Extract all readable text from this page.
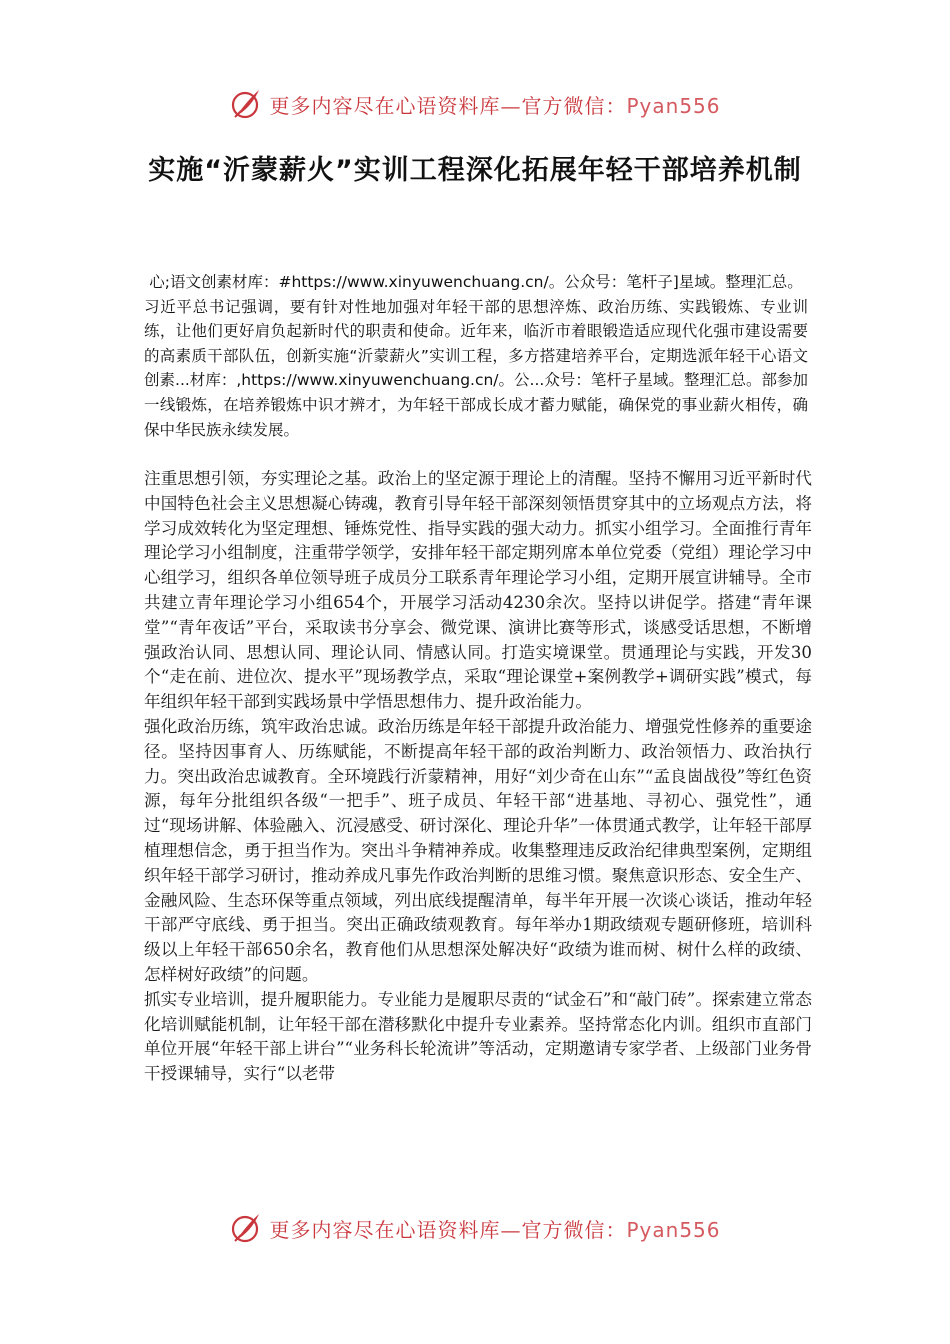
更多内容尽在心语资料库—官方微信：Pyan556
实施“沂蒙薪火”实训工程深化拓展年轻干部培养机制

心;语文创素材库：#https://www.xinyuwenchuang.cn/。公众号：笔杆子]星域。整理汇总。

习近平总书记强调，要有针对性地加强对年轻干部的思想淬炼、政治历练、实践锻炼、专业训练，让他们更好肩负起新时代的职责和使命。近年来，临沂市着眼锻造适应现代化强市建设需要的高素质干部队伍，创新实施“沂蒙薪火”实训工程，多方搭建培养平台，定期选派年轻干心语文创素...材库：,https://www.xinyuwenchuang.cn/。公...众号：笔杆子星域。整理汇总。部参加一线锻炼，在培养锻炼中识才辨才，为年轻干部成长成才蓄力赋能，确保党的事业薪火相传，确保中华民族永续发展。

注重思想引领，夯实理论之基。政治上的坚定源于理论上的清醒。坚持不懈用习近平新时代中国特色社会主义思想凝心铸魂，教育引导年轻干部深刻领悟贯穿其中的立场观点方法，将学习成效转化为坚定理想、锤炼党性、指导实践的强大动力。抓实小组学习。全面推行青年理论学习小组制度，注重带学领学，安排年轻干部定期列席本单位党委（党组）理论学习中心组学习，组织各单位领导班子成员分工联系青年理论学习小组，定期开展宣讲辅导。全市共建立青年理论学习小组654个，开展学习活动4230余次。坚持以讲促学。搭建“青年课堂”“青年夜话”平台，采取读书分享会、微党课、演讲比赛等形式，谈感受话思想，不断增强政治认同、思想认同、理论认同、情感认同。打造实境课堂。贯通理论与实践，开发30个“走在前、进位次、提水平”现场教学点，采取“理论课堂+案例教学+调研实践”模式，每年组织年轻干部到实践场景中学悟思想伟力、提升政治能力。

强化政治历练，筑牢政治忠诚。政治历练是年轻干部提升政治能力、增强党性修养的重要途径。坚持因事育人、历练赋能，不断提高年轻干部的政治判断力、政治领悟力、政治执行力。突出政治忠诚教育。全环境践行沂蒙精神，用好“刘少奇在山东”“孟良崮战役”等红色资源，每年分批组织各级“一把手”、班子成员、年轻干部“进基地、寻初心、强党性”，通过“现场讲解、体验融入、沉浸感受、研讨深化、理论升华”一体贯通式教学，让年轻干部厚植理想信念，勇于担当作为。突出斗争精神养成。收集整理违反政治纪律典型案例，定期组织年轻干部学习研讨，推动养成凡事先作政治判断的思维习惯。聚焦意识形态、安全生产、金融风险、生态环保等重点领域，列出底线提醒清单，每半年开展一次谈心谈话，推动年轻干部严守底线、勇于担当。突出正确政绩观教育。每年举办1期政绩观专题研修班，培训科级以上年轻干部650余名，教育他们从思想深处解决好“政绩为谁而树、树什么样的政绩、怎样树好政绩”的问题。

抓实专业培训，提升履职能力。专业能力是履职尽责的“试金石”和“敲门砖”。探索建立常态化培训赋能机制，让年轻干部在潜移默化中提升专业素养。坚持常态化内训。组织市直部门单位开展“年轻干部上讲台”“业务科长轮流讲”等活动，定期邀请专家学者、上级部门业务骨干授课辅导，实行“以老带

更多内容尽在心语资料库—官方微信：Pyan556
